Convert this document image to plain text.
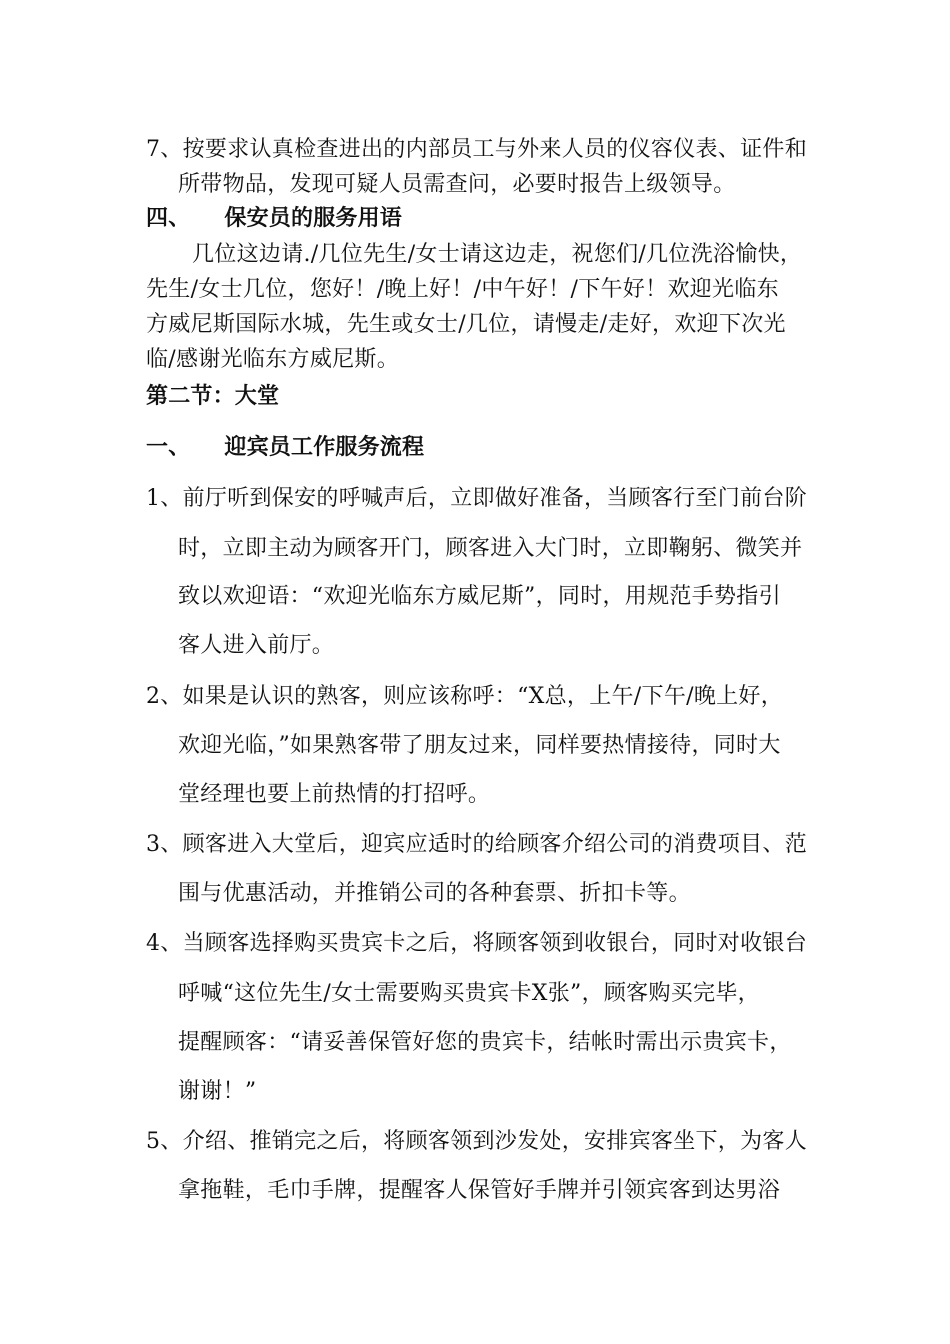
7、按要求认真检查进出的内部员工与外来人员的仪容仪表、证件和
所带物品，发现可疑人员需查问，必要时报告上级领导。
四、 保安员的服务用语
几位这边请./几位先生/女士请这边走，祝您们/几位洗浴愉快，
先生/女士几位，您好！/晚上好！/中午好！/下午好！欢迎光临东
方威尼斯国际水城，先生或女士/几位，请慢走/走好，欢迎下次光
临/感谢光临东方威尼斯。
第二节：大堂
一、 迎宾员工作服务流程
1、前厅听到保安的呼喊声后，立即做好准备，当顾客行至门前台阶
时，立即主动为顾客开门，顾客进入大门时，立即鞠躬、微笑并
致以欢迎语：“欢迎光临东方威尼斯”，同时，用规范手势指引
客人进入前厅。
2、如果是认识的熟客，则应该称呼：“X总，上午/下午/晚上好，
欢迎光临，”如果熟客带了朋友过来，同样要热情接待，同时大
堂经理也要上前热情的打招呼。
3、顾客进入大堂后，迎宾应适时的给顾客介绍公司的消费项目、范
围与优惠活动，并推销公司的各种套票、折扣卡等。
4、当顾客选择购买贵宾卡之后，将顾客领到收银台，同时对收银台
呼喊“这位先生/女士需要购买贵宾卡X张”，顾客购买完毕，
提醒顾客：“请妥善保管好您的贵宾卡，结帐时需出示贵宾卡，
谢谢！”
5、介绍、推销完之后，将顾客领到沙发处，安排宾客坐下，为客人
拿拖鞋，毛巾手牌，提醒客人保管好手牌并引领宾客到达男浴
